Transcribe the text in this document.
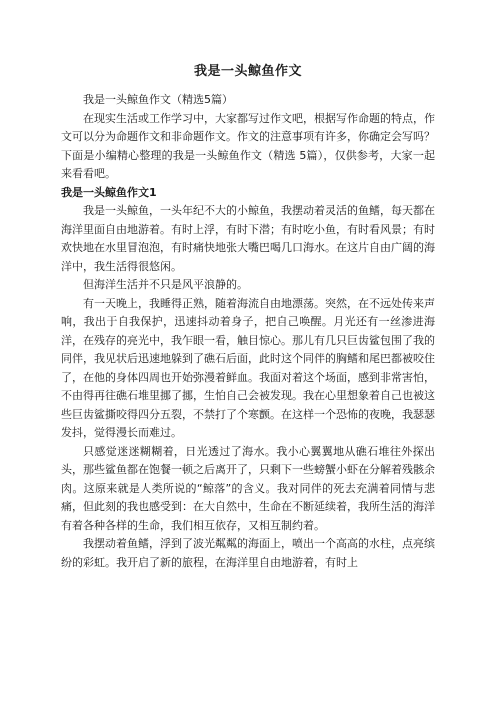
我是一头鲸鱼作文

我是一头鲸鱼作文（精选5篇）

在现实生活或工作学习中，大家都写过作文吧，根据写作命题的特点，作文可以分为命题作文和非命题作文。作文的注意事项有许多，你确定会写吗？下面是小编精心整理的我是一头鲸鱼作文（精选 5篇），仅供参考，大家一起来看看吧。

我是一头鲸鱼作文1

我是一头鲸鱼，一头年纪不大的小鲸鱼，我摆动着灵活的鱼鳍，每天都在海洋里面自由地游着。有时上浮，有时下潜；有时吃小鱼，有时看风景；有时欢快地在水里冒泡泡，有时痛快地张大嘴巴喝几口海水。在这片自由广阔的海洋中，我生活得很悠闲。

但海洋生活并不只是风平浪静的。

有一天晚上，我睡得正熟，随着海流自由地漂荡。突然，在不远处传来声响，我出于自我保护，迅速抖动着身子，把自己唤醒。月光还有一丝渗进海洋，在残存的亮光中，我乍眼一看，触目惊心。那儿有几只巨齿鲨包围了我的同伴，我见状后迅速地躲到了礁石后面，此时这个同伴的胸鳍和尾巴都被咬住了，在他的身体四周也开始弥漫着鲜血。我面对着这个场面，感到非常害怕，不由得再往礁石堆里挪了挪，生怕自己会被发现。我在心里想象着自己也被这些巨齿鲨撕咬得四分五裂，不禁打了个寒颤。在这样一个恐怖的夜晚，我瑟瑟发抖，觉得漫长而难过。

只感觉迷迷糊糊着，日光透过了海水。我小心翼翼地从礁石堆往外探出头，那些鲨鱼都在饱餐一顿之后离开了，只剩下一些螃蟹小虾在分解着残骸余肉。这原来就是人类所说的“鲸落”的含义。我对同伴的死去充满着同情与悲痛，但此刻的我也感受到：在大自然中，生命在不断延续着，我所生活的海洋有着各种各样的生命，我们相互依存，又相互制约着。

我摆动着鱼鳍，浮到了波光粼粼的海面上，喷出一个高高的水柱，点亮缤纷的彩虹。我开启了新的旅程，在海洋里自由地游着，有时上
